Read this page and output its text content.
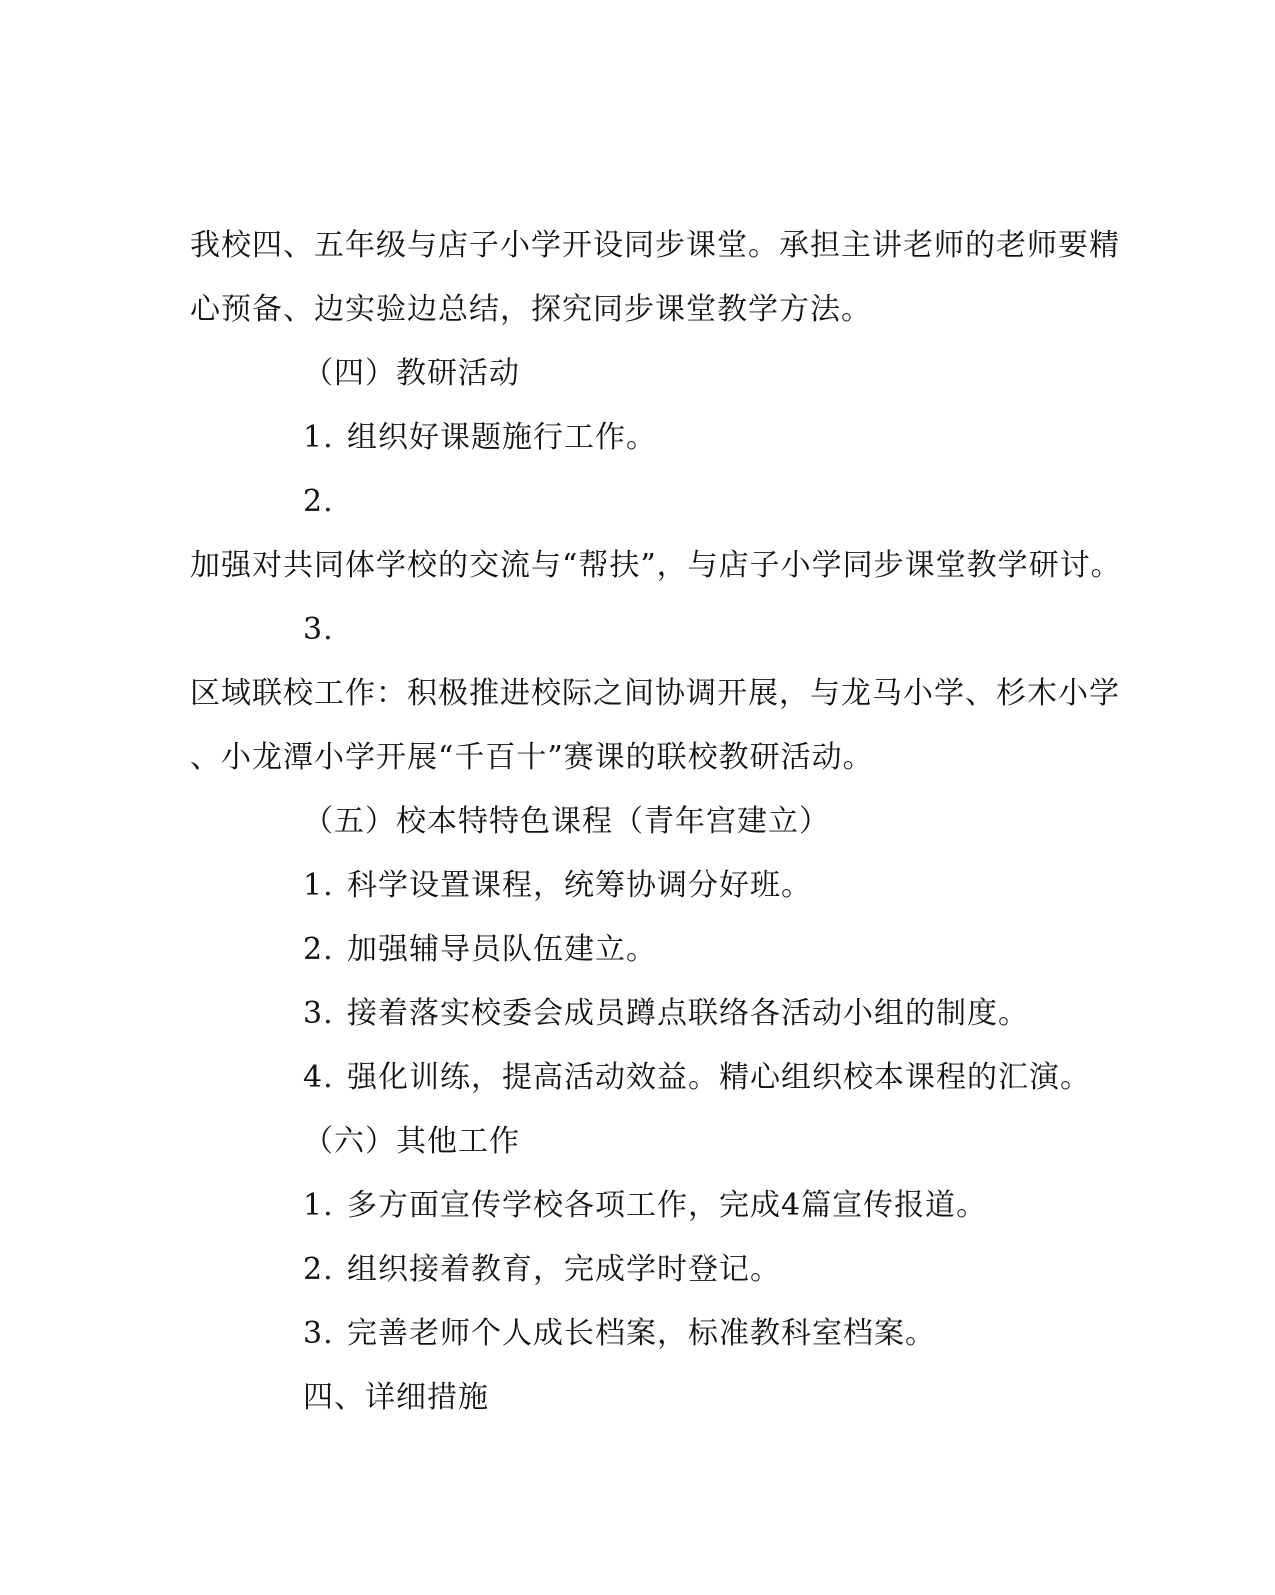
我校四、五年级与店子小学开设同步课堂。承担主讲老师的老师要精
心预备、边实验边总结，探究同步课堂教学方法。
（四）教研活动
1. 组织好课题施行工作。
2.
加强对共同体学校的交流与“帮扶”，与店子小学同步课堂教学研讨。
3.
区域联校工作：积极推进校际之间协调开展，与龙马小学、杉木小学
、小龙潭小学开展“千百十”赛课的联校教研活动。
（五）校本特特色课程（青年宫建立）
1. 科学设置课程，统筹协调分好班。
2. 加强辅导员队伍建立。
3. 接着落实校委会成员蹲点联络各活动小组的制度。
4. 强化训练，提高活动效益。精心组织校本课程的汇演。
（六）其他工作
1. 多方面宣传学校各项工作，完成4篇宣传报道。
2. 组织接着教育，完成学时登记。
3. 完善老师个人成长档案，标准教科室档案。
四、详细措施
